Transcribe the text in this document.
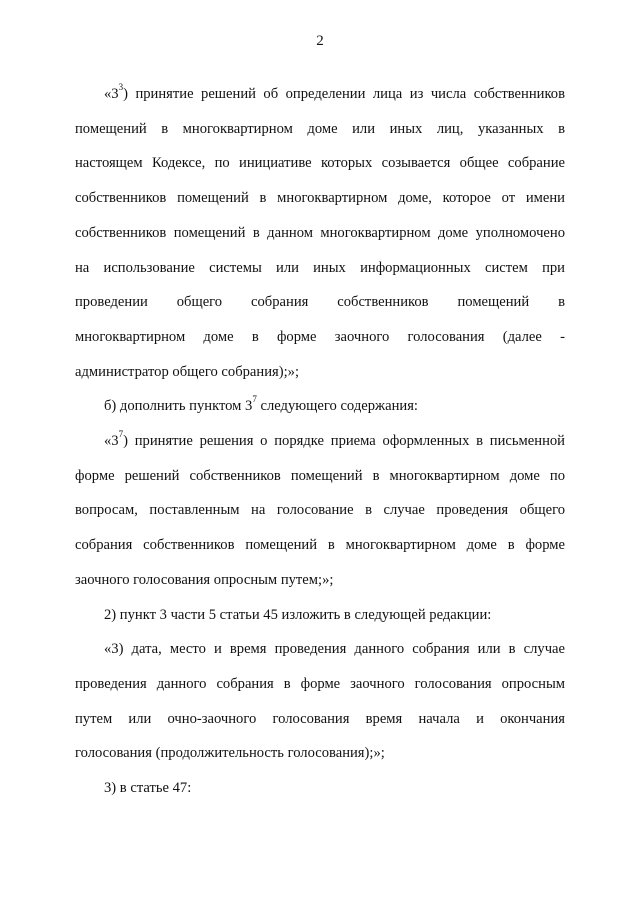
2
«$3^3$) принятие решений об определении лица из числа собственников
помещений в многоквартирном доме или иных лиц, указанных в
настоящем Кодексе, по инициативе которых созывается общее собрание
собственников помещений в многоквартирном доме, которое от имени
собственников помещений в данном многоквартирном доме уполномочено
на использование системы или иных информационных систем при
проведении общего собрания собственников помещений в
многоквартирном доме в форме заочного голосования (далее -
администратор общего собрания);»;
б) дополнить пунктом $3^7$ следующего содержания:
«$3^7$) принятие решения о порядке приема оформленных в письменной
форме решений собственников помещений в многоквартирном доме по
вопросам, поставленным на голосование в случае проведения общего
собрания собственников помещений в многоквартирном доме в форме
заочного голосования опросным путем;»;
2) пункт 3 части 5 статьи 45 изложить в следующей редакции:
«3) дата, место и время проведения данного собрания или в случае
проведения данного собрания в форме заочного голосования опросным
путем или очно-заочного голосования время начала и окончания
голосования (продолжительность голосования);»;
3) в статье 47:
